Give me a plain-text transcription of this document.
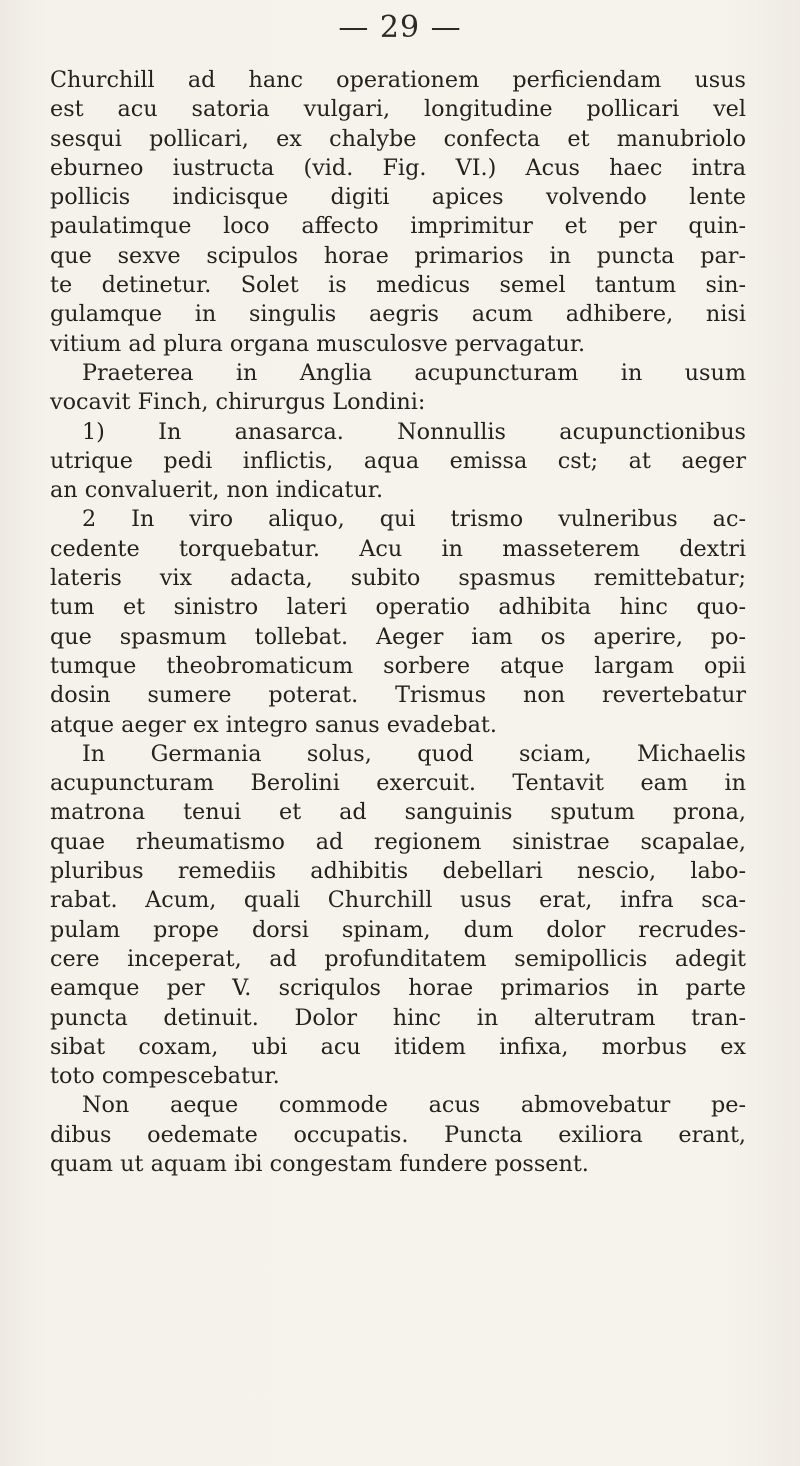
— 29 —
Churchill ad hanc operationem perficiendam usus
est acu satoria vulgari, longitudine pollicari vel
sesqui pollicari, ex chalybe confecta et manubriolo
eburneo iustructa (vid. Fig. VI.) Acus haec intra
pollicis indicisque digiti apices volvendo lente
paulatimque loco affecto imprimitur et per quin-
que sexve scipulos horae primarios in puncta par-
te detinetur. Solet is medicus semel tantum sin-
gulamque in singulis aegris acum adhibere, nisi
vitium ad plura organa musculosve pervagatur.
Praeterea in Anglia acupuncturam in usum
vocavit Finch, chirurgus Londini:
1) In anasarca. Nonnullis acupunctionibus
utrique pedi inflictis, aqua emissa cst; at aeger
an convaluerit, non indicatur.
2 In viro aliquo, qui trismo vulneribus ac-
cedente torquebatur. Acu in masseterem dextri
lateris vix adacta, subito spasmus remittebatur;
tum et sinistro lateri operatio adhibita hinc quo-
que spasmum tollebat. Aeger iam os aperire, po-
tumque theobromaticum sorbere atque largam opii
dosin sumere poterat. Trismus non revertebatur
atque aeger ex integro sanus evadebat.
In Germania solus, quod sciam, Michaelis
acupuncturam Berolini exercuit. Tentavit eam in
matrona tenui et ad sanguinis sputum prona,
quae rheumatismo ad regionem sinistrae scapalae,
pluribus remediis adhibitis debellari nescio, labo-
rabat. Acum, quali Churchill usus erat, infra sca-
pulam prope dorsi spinam, dum dolor recrudes-
cere inceperat, ad profunditatem semipollicis adegit
eamque per V. scriqulos horae primarios in parte
puncta detinuit. Dolor hinc in alterutram tran-
sibat coxam, ubi acu itidem infixa, morbus ex
toto compescebatur.
Non aeque commode acus abmovebatur pe-
dibus oedemate occupatis. Puncta exiliora erant,
quam ut aquam ibi congestam fundere possent.
